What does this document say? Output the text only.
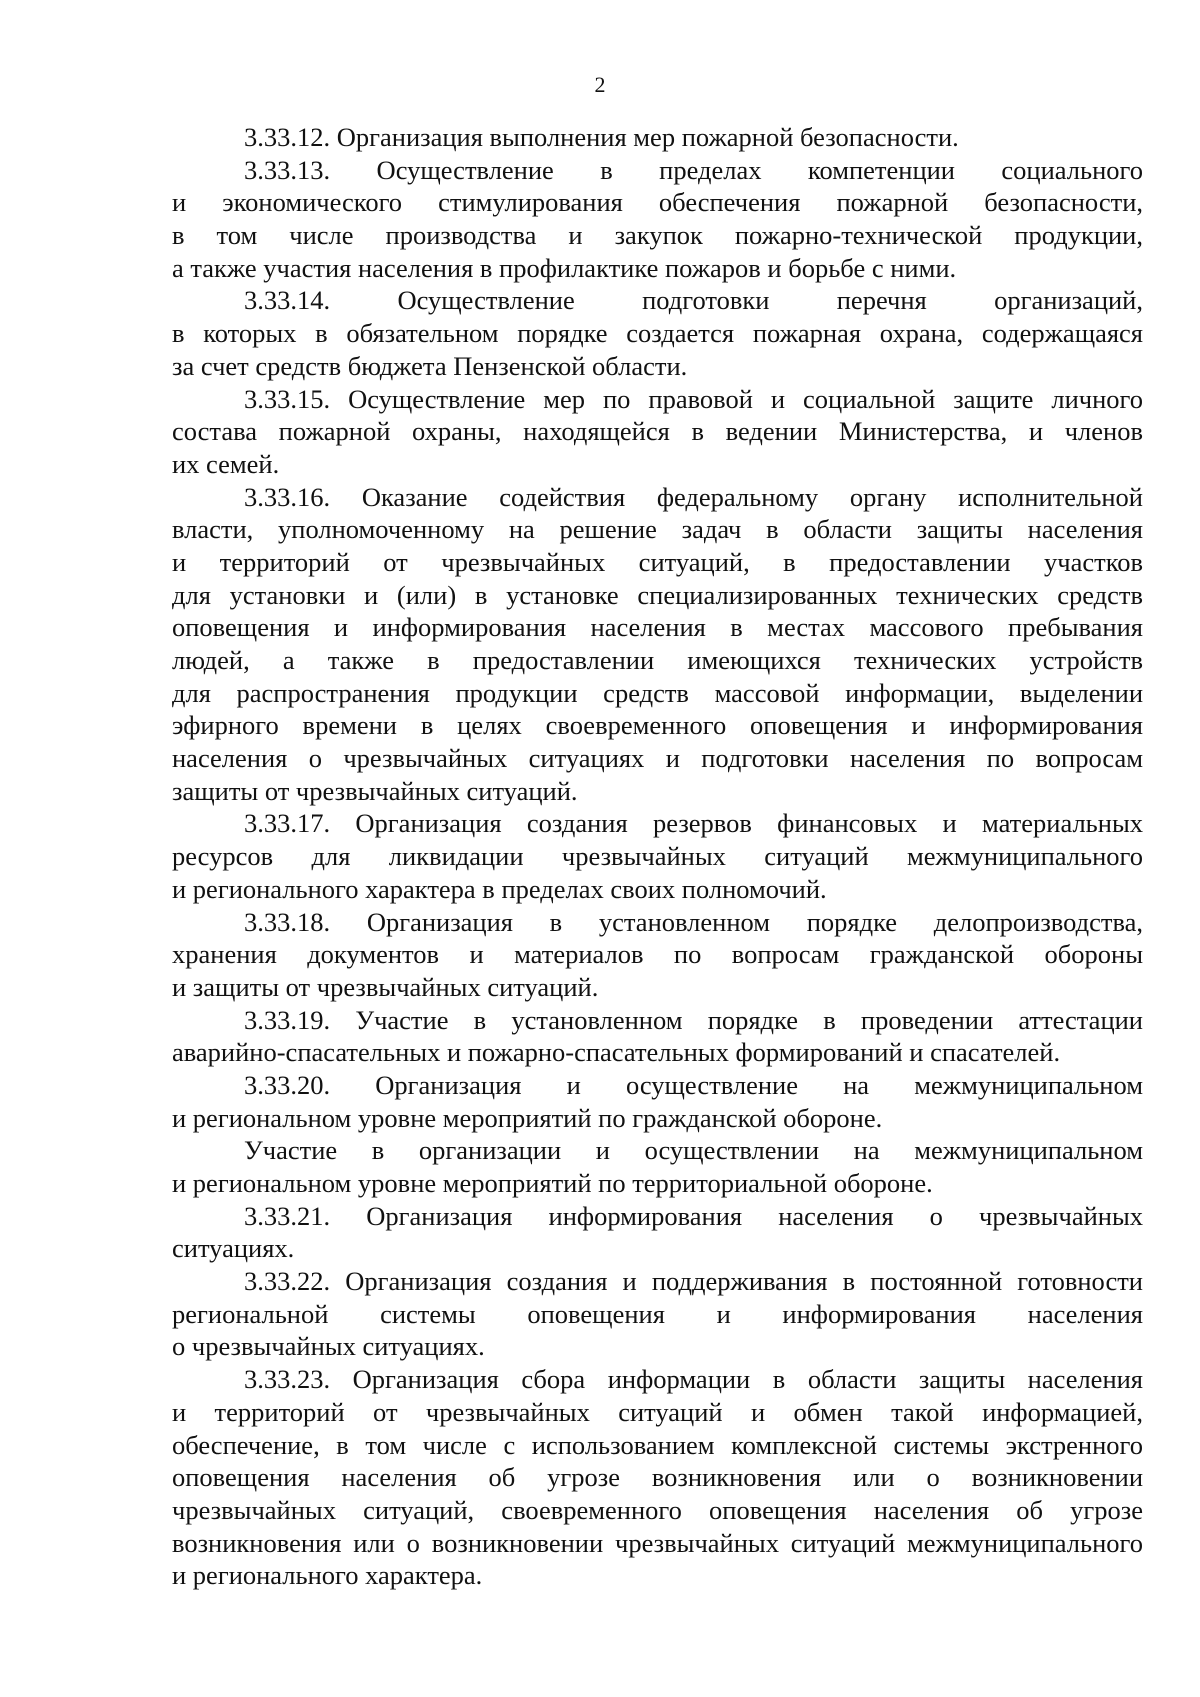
2
3.33.12. Организация выполнения мер пожарной безопасности.
3.33.13. Осуществление в пределах компетенции социального
и экономического стимулирования обеспечения пожарной безопасности,
в том числе производства и закупок пожарно-технической продукции,
а также участия населения в профилактике пожаров и борьбе с ними.
3.33.14. Осуществление подготовки перечня организаций,
в которых в обязательном порядке создается пожарная охрана, содержащаяся
за счет средств бюджета Пензенской области.
3.33.15. Осуществление мер по правовой и социальной защите личного
состава пожарной охраны, находящейся в ведении Министерства, и членов
их семей.
3.33.16. Оказание содействия федеральному органу исполнительной
власти, уполномоченному на решение задач в области защиты населения
и территорий от чрезвычайных ситуаций, в предоставлении участков
для установки и (или) в установке специализированных технических средств
оповещения и информирования населения в местах массового пребывания
людей, а также в предоставлении имеющихся технических устройств
для распространения продукции средств массовой информации, выделении
эфирного времени в целях своевременного оповещения и информирования
населения о чрезвычайных ситуациях и подготовки населения по вопросам
защиты от чрезвычайных ситуаций.
3.33.17. Организация создания резервов финансовых и материальных
ресурсов для ликвидации чрезвычайных ситуаций межмуниципального
и регионального характера в пределах своих полномочий.
3.33.18. Организация в установленном порядке делопроизводства,
хранения документов и материалов по вопросам гражданской обороны
и защиты от чрезвычайных ситуаций.
3.33.19. Участие в установленном порядке в проведении аттестации
аварийно-спасательных и пожарно-спасательных формирований и спасателей.
3.33.20. Организация и осуществление на межмуниципальном
и региональном уровне мероприятий по гражданской обороне.
Участие в организации и осуществлении на межмуниципальном
и региональном уровне мероприятий по территориальной обороне.
3.33.21. Организация информирования населения о чрезвычайных
ситуациях.
3.33.22. Организация создания и поддерживания в постоянной готовности
региональной системы оповещения и информирования населения
о чрезвычайных ситуациях.
3.33.23. Организация сбора информации в области защиты населения
и территорий от чрезвычайных ситуаций и обмен такой информацией,
обеспечение, в том числе с использованием комплексной системы экстренного
оповещения населения об угрозе возникновения или о возникновении
чрезвычайных ситуаций, своевременного оповещения населения об угрозе
возникновения или о возникновении чрезвычайных ситуаций межмуниципального
и регионального характера.
